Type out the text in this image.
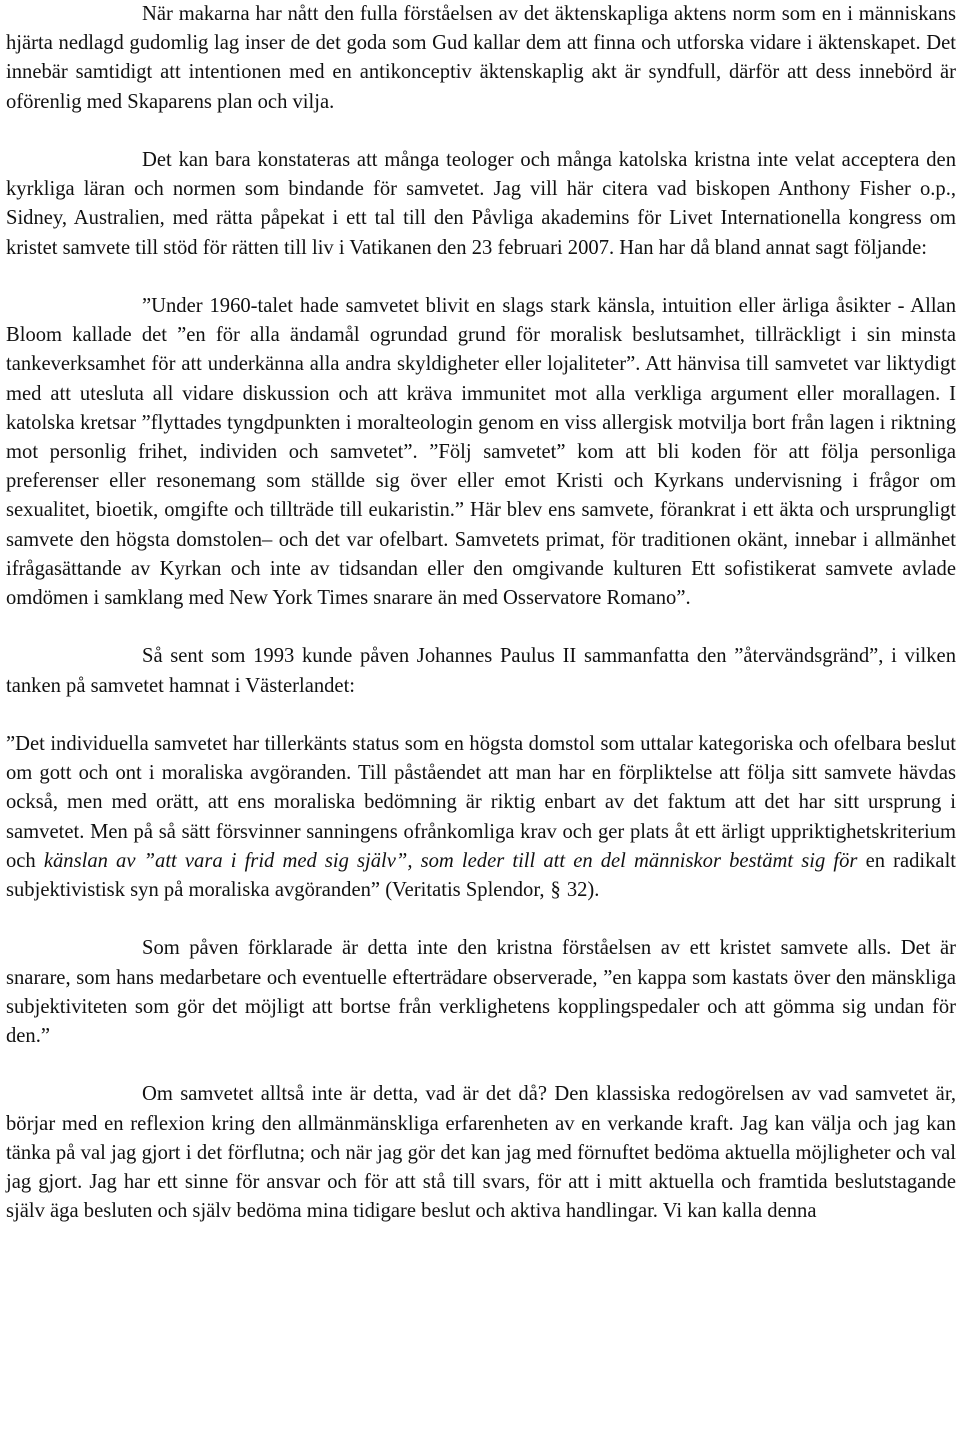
När makarna har nått den fulla förståelsen av det äktenskapliga aktens norm som en i människans hjärta nedlagd gudomlig lag inser de det goda som Gud kallar dem att finna och utforska vidare i äktenskapet. Det innebär samtidigt att intentionen med en antikonceptiv äktenskaplig akt är syndfull, därför att dess innebörd är oförenlig med Skaparens plan och vilja.

Det kan bara konstateras att många teologer och många katolska kristna inte velat acceptera den kyrkliga läran och normen som bindande för samvetet. Jag vill här citera vad biskopen Anthony Fisher o.p., Sidney, Australien, med rätta påpekat i ett tal till den Påvliga akademins för Livet Internationella kongress om kristet samvete till stöd för rätten till liv i Vatikanen den 23 februari 2007. Han har då bland annat sagt följande:

”Under 1960-talet hade samvetet blivit en slags stark känsla, intuition eller ärliga åsikter - Allan Bloom kallade det ”en för alla ändamål ogrundad grund för moralisk beslutsamhet, tillräckligt i sin minsta tankeverksamhet för att underkänna alla andra skyldigheter eller lojaliteter”. Att hänvisa till samvetet var liktydigt med att utesluta all vidare diskussion och att kräva immunitet mot alla verkliga argument eller morallagen. I katolska kretsar ”flyttades tyngdpunkten i moralteologin genom en viss allergisk motvilja bort från lagen i riktning mot personlig frihet, individen och samvetet”. ”Följ samvetet” kom att bli koden för att följa personliga preferenser eller resonemang som ställde sig över eller emot Kristi och Kyrkans undervisning i frågor om sexualitet, bioetik, omgifte och tillträde till eukaristin.” Här blev ens samvete, förankrat i ett äkta och ursprungligt samvete den högsta domstolen– och det var ofelbart. Samvetets primat, för traditionen okänt, innebar i allmänhet ifrågasättande av Kyrkan och inte av tidsandan eller den omgivande kulturen Ett sofistikerat samvete avlade omdömen i samklang med New York Times snarare än med Osservatore Romano”.

Så sent som 1993 kunde påven Johannes Paulus II sammanfatta den ”återvändsgränd”, i vilken tanken på samvetet hamnat i Västerlandet:

”Det individuella samvetet har tillerkänts status som en högsta domstol som uttalar kategoriska och ofelbara beslut om gott och ont i moraliska avgöranden. Till påståendet att man har en förpliktelse att följa sitt samvete hävdas också, men med orätt, att ens moraliska bedömning är riktig enbart av det faktum att det har sitt ursprung i samvetet. Men på så sätt försvinner sanningens ofrånkomliga krav och ger plats åt ett ärligt uppriktighetskriterium och känslan av ”att vara i frid med sig själv”, som leder till att en del människor bestämt sig för en radikalt subjektivistisk syn på moraliska avgöranden” (Veritatis Splendor, § 32).

Som påven förklarade är detta inte den kristna förståelsen av ett kristet samvete alls. Det är snarare, som hans medarbetare och eventuelle efterträdare observerade, ”en kappa som kastats över den mänskliga subjektiviteten som gör det möjligt att bortse från verklighetens kopplingspedaler och att gömma sig undan för den.”

Om samvetet alltså inte är detta, vad är det då? Den klassiska redogörelsen av vad samvetet är, börjar med en reflexion kring den allmänmänskliga erfarenheten av en verkande kraft. Jag kan välja och jag kan tänka på val jag gjort i det förflutna; och när jag gör det kan jag med förnuftet bedöma aktuella möjligheter och val jag gjort. Jag har ett sinne för ansvar och för att stå till svars, för att i mitt aktuella och framtida beslutstagande själv äga besluten och själv bedöma mina tidigare beslut och aktiva handlingar. Vi kan kalla denna
